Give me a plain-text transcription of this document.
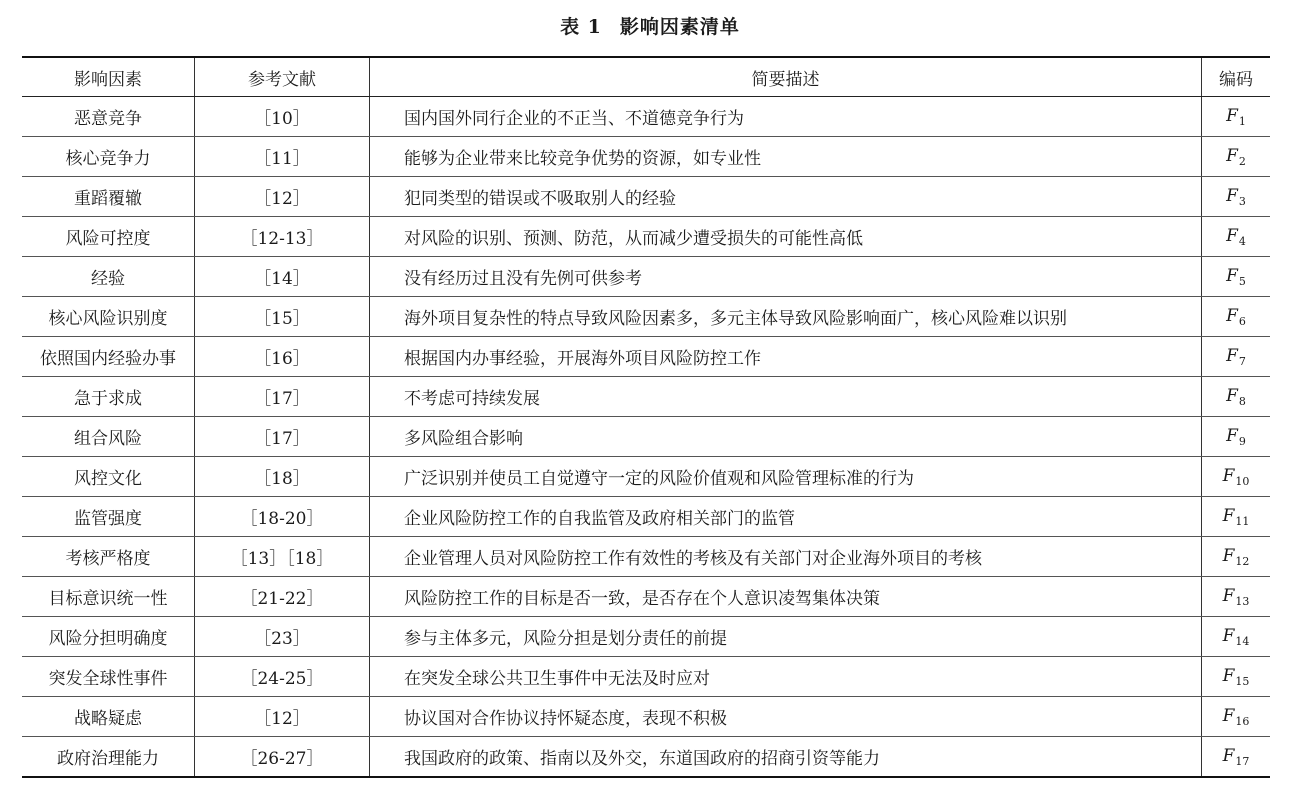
表 1 影响因素清单
影响因素	参考文献	简要描述	编码
恶意竞争	［10］	国内国外同行企业的不正当、不道德竞争行为	$F_1$
核心竞争力	［11］	能够为企业带来比较竞争优势的资源，如专业性	$F_2$
重蹈覆辙	［12］	犯同类型的错误或不吸取别人的经验	$F_3$
风险可控度	［12-13］	对风险的识别、预测、防范，从而减少遭受损失的可能性高低	$F_4$
经验	［14］	没有经历过且没有先例可供参考	$F_5$
核心风险识别度	［15］	海外项目复杂性的特点导致风险因素多，多元主体导致风险影响面广，核心风险难以识别	$F_6$
依照国内经验办事	［16］	根据国内办事经验，开展海外项目风险防控工作	$F_7$
急于求成	［17］	不考虑可持续发展	$F_8$
组合风险	［17］	多风险组合影响	$F_9$
风控文化	［18］	广泛识别并使员工自觉遵守一定的风险价值观和风险管理标准的行为	$F_{10}$
监管强度	［18-20］	企业风险防控工作的自我监管及政府相关部门的监管	$F_{11}$
考核严格度	［13］［18］	企业管理人员对风险防控工作有效性的考核及有关部门对企业海外项目的考核	$F_{12}$
目标意识统一性	［21-22］	风险防控工作的目标是否一致，是否存在个人意识凌驾集体决策	$F_{13}$
风险分担明确度	［23］	参与主体多元，风险分担是划分责任的前提	$F_{14}$
突发全球性事件	［24-25］	在突发全球公共卫生事件中无法及时应对	$F_{15}$
战略疑虑	［12］	协议国对合作协议持怀疑态度，表现不积极	$F_{16}$
政府治理能力	［26-27］	我国政府的政策、指南以及外交，东道国政府的招商引资等能力	$F_{17}$
